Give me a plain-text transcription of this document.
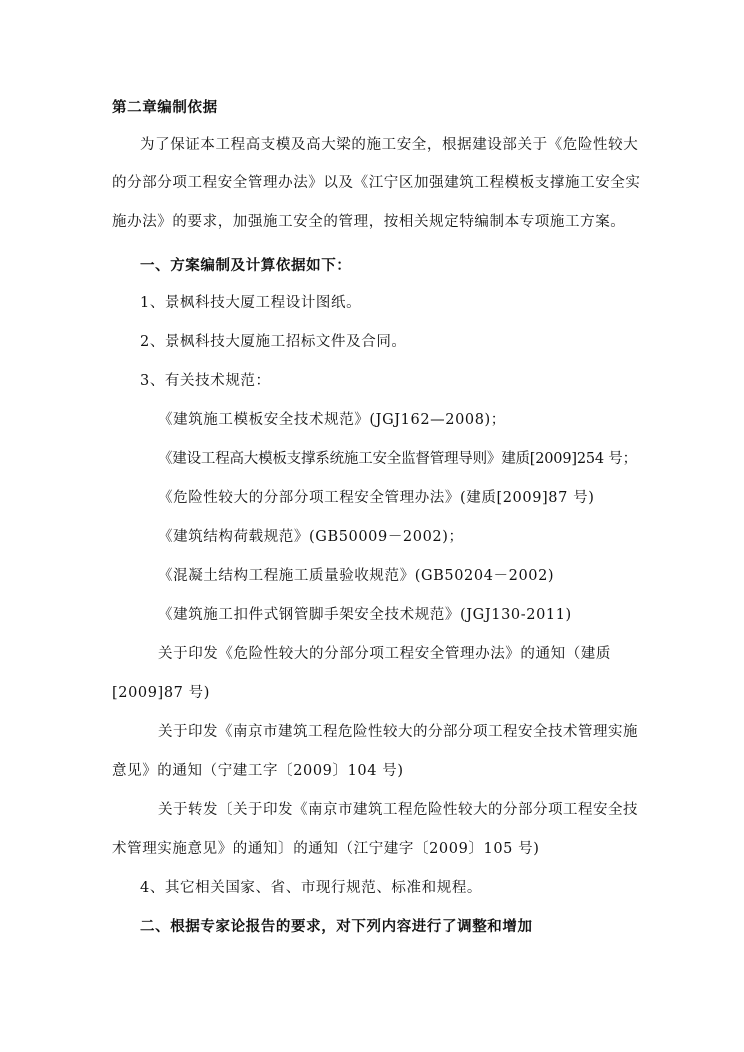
第二章编制依据
为了保证本工程高支模及高大梁的施工安全，根据建设部关于《危险性较大
的分部分项工程安全管理办法》以及《江宁区加强建筑工程模板支撑施工安全实
施办法》的要求，加强施工安全的管理，按相关规定特编制本专项施工方案。
一、方案编制及计算依据如下：
1、景枫科技大厦工程设计图纸。
2、景枫科技大厦施工招标文件及合同。
3、有关技术规范：
《建筑施工模板安全技术规范》(JGJ162—2008)；
《建设工程高大模板支撑系统施工安全监督管理导则》建质[2009]254 号；
《危险性较大的分部分项工程安全管理办法》(建质[2009]87 号)
《建筑结构荷载规范》(GB50009－2002)；
《混凝土结构工程施工质量验收规范》(GB50204－2002)
《建筑施工扣件式钢管脚手架安全技术规范》(JGJ130-2011)
关于印发《危险性较大的分部分项工程安全管理办法》的通知（建质
[2009]87 号)
关于印发《南京市建筑工程危险性较大的分部分项工程安全技术管理实施
意见》的通知（宁建工字〔2009〕104 号)
关于转发〔关于印发《南京市建筑工程危险性较大的分部分项工程安全技
术管理实施意见》的通知〕的通知（江宁建字〔2009〕105 号)
4、其它相关国家、省、市现行规范、标准和规程。
二、根据专家论报告的要求，对下列内容进行了调整和增加
